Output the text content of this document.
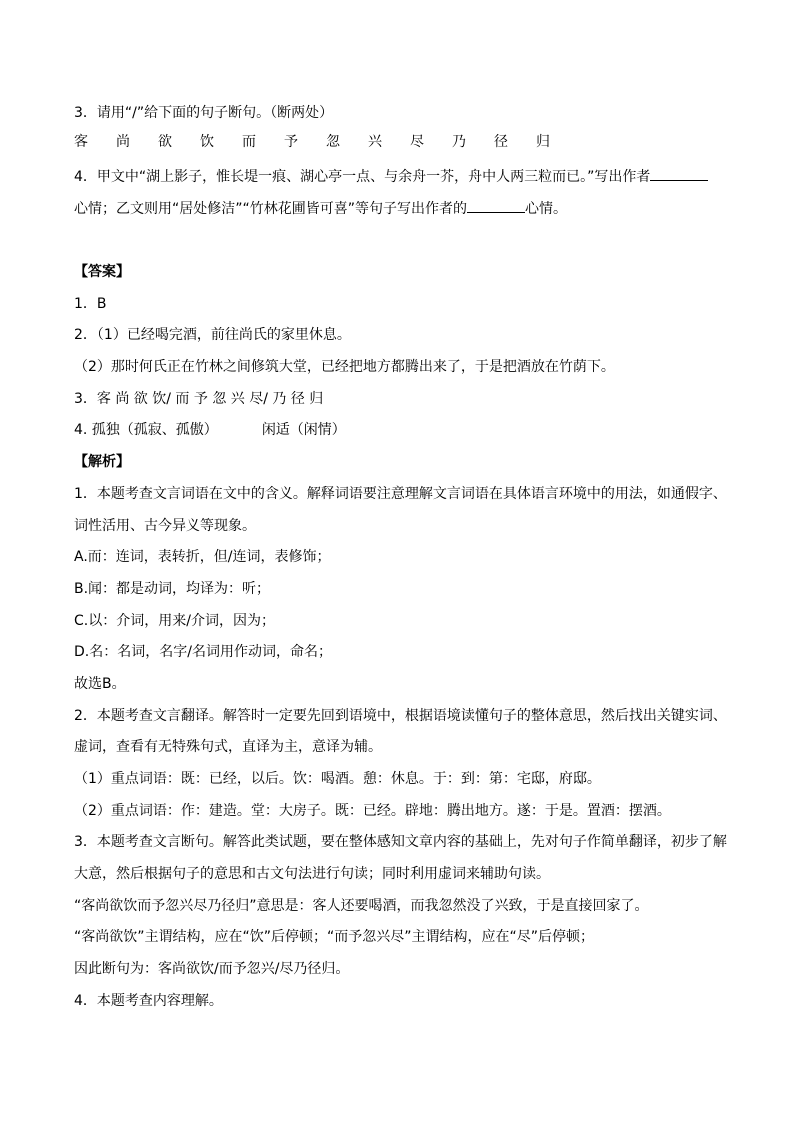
3．请用“/”给下面的句子断句。（断两处）
客 尚 欲 饮 而 予 忽 兴 尽 乃 径 归
4．甲文中“湖上影子，惟长堤一痕、湖心亭一点、与余舟一芥，舟中人两三粒而已。”写出作者
心情；乙文则用“居处修洁”“竹林花圃皆可喜”等句子写出作者的	心情。
【答案】
1．B
2．（1）已经喝完酒，前往尚氏的家里休息。
（2）那时何氏正在竹林之间修筑大堂，已经把地方都腾出来了，于是把酒放在竹荫下。
3．客 尚 欲 饮/ 而 予 忽 兴 尽/ 乃 径 归
4. 孤独（孤寂、孤傲）	闲适（闲情）
【解析】
1．本题考查文言词语在文中的含义。解释词语要注意理解文言词语在具体语言环境中的用法，如通假字、
词性活用、古今异义等现象。
A.而：连词，表转折，但/连词，表修饰；
B.闻：都是动词，均译为：听；
C.以：介词，用来/介词，因为；
D.名：名词，名字/名词用作动词，命名；
故选B。
2．本题考查文言翻译。解答时一定要先回到语境中，根据语境读懂句子的整体意思，然后找出关键实词、
虚词，查看有无特殊句式，直译为主，意译为辅。
（1）重点词语：既：已经，以后。饮：喝酒。憩：休息。于：到：第：宅邸，府邸。
（2）重点词语：作：建造。堂：大房子。既：已经。辟地：腾出地方。遂：于是。置酒：摆酒。
3．本题考查文言断句。解答此类试题，要在整体感知文章内容的基础上，先对句子作简单翻译，初步了解
大意，然后根据句子的意思和古文句法进行句读；同时利用虚词来辅助句读。
“客尚欲饮而予忽兴尽乃径归”意思是：客人还要喝酒，而我忽然没了兴致，于是直接回家了。
“客尚欲饮”主谓结构，应在“饮”后停顿；“而予忽兴尽”主谓结构，应在“尽”后停顿；
因此断句为：客尚欲饮/而予忽兴/尽乃径归。
4．本题考查内容理解。
